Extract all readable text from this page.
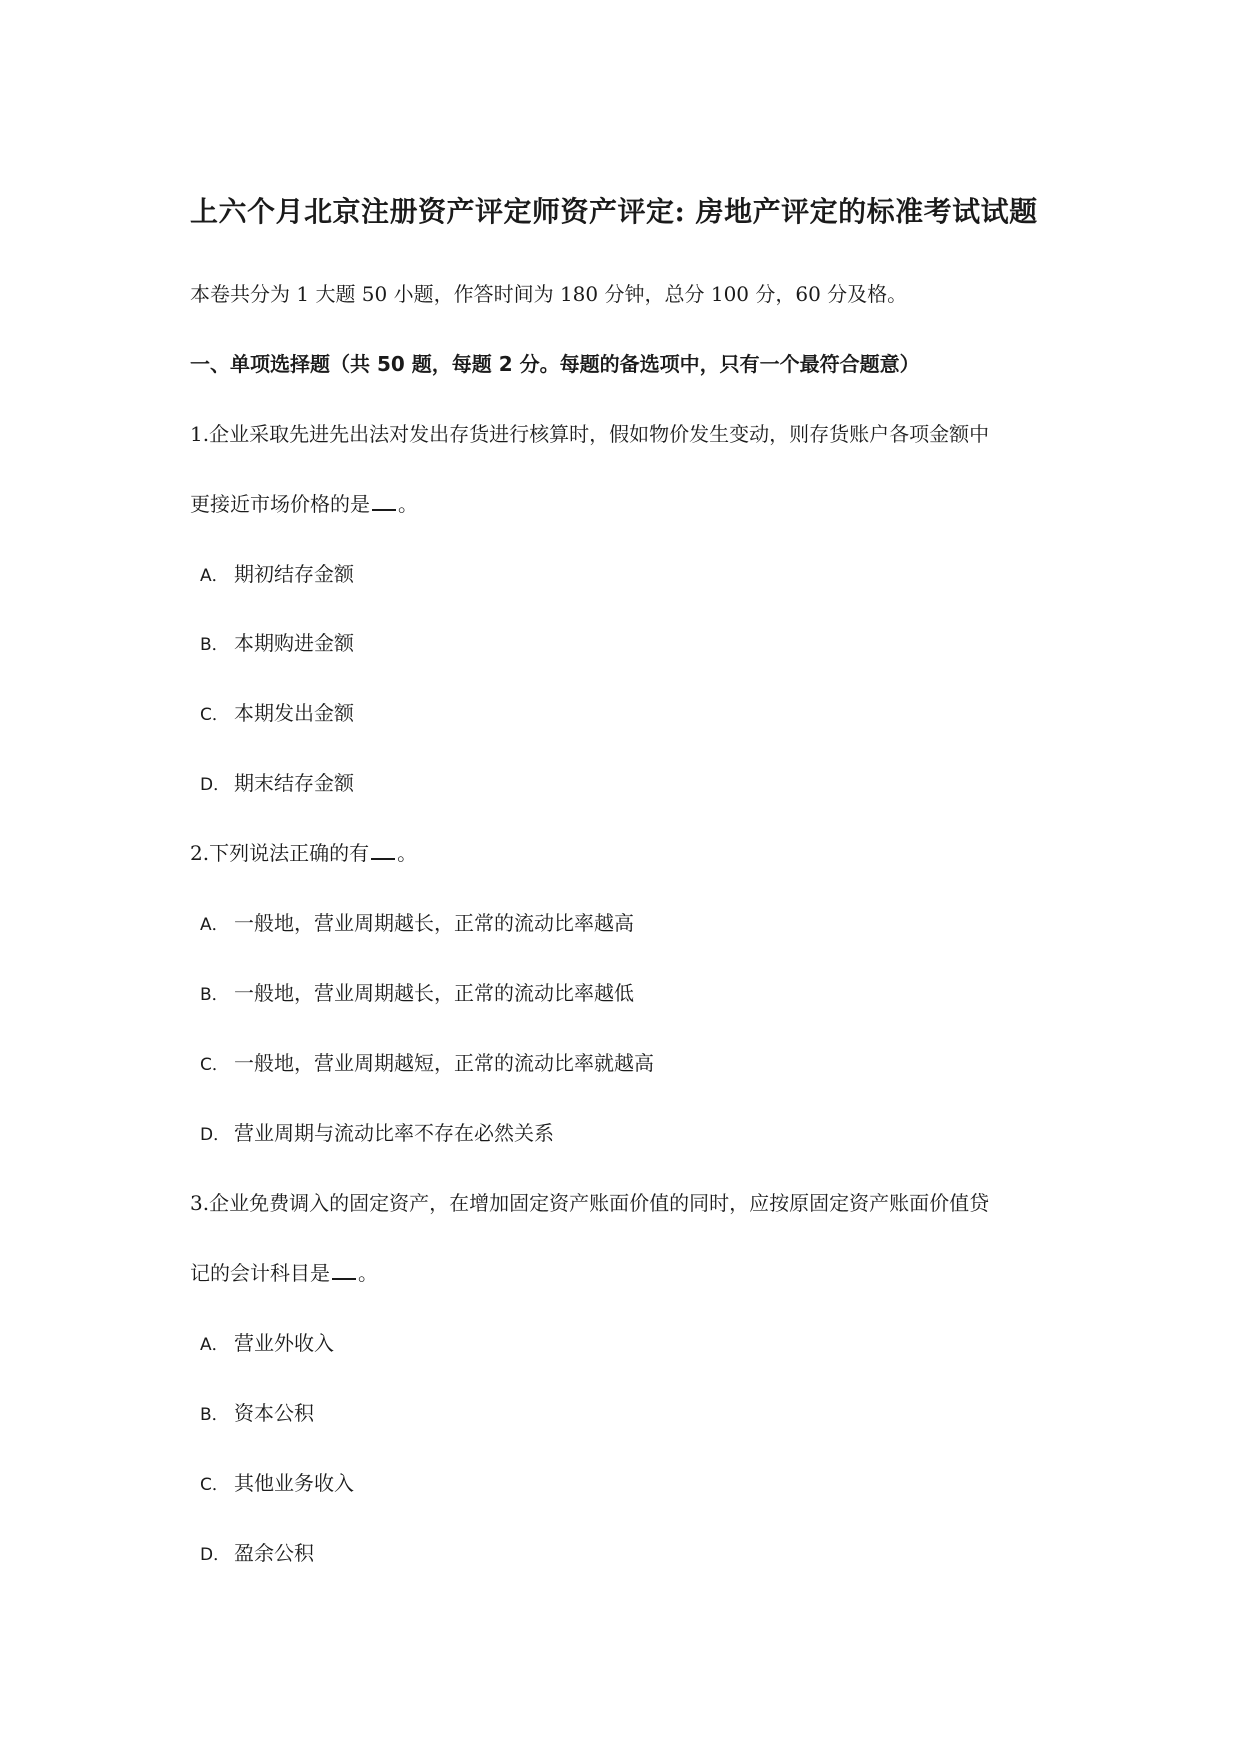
上六个月北京注册资产评定师资产评定: 房地产评定的标准考试试题
本卷共分为 1 大题 50 小题，作答时间为 180 分钟，总分 100 分，60 分及格。
一、单项选择题（共 50 题，每题 2 分。每题的备选项中，只有一个最符合题意）
1.企业采取先进先出法对发出存货进行核算时，假如物价发生变动，则存货账户各项金额中
更接近市场价格的是 。
A． 期初结存金额
B． 本期购进金额
C． 本期发出金额
D． 期末结存金额
2.下列说法正确的有 。
A． 一般地，营业周期越长，正常的流动比率越高
B． 一般地，营业周期越长，正常的流动比率越低
C． 一般地，营业周期越短，正常的流动比率就越高
D． 营业周期与流动比率不存在必然关系
3.企业免费调入的固定资产，在增加固定资产账面价值的同时，应按原固定资产账面价值贷
记的会计科目是 。
A． 营业外收入
B． 资本公积
C． 其他业务收入
D． 盈余公积
